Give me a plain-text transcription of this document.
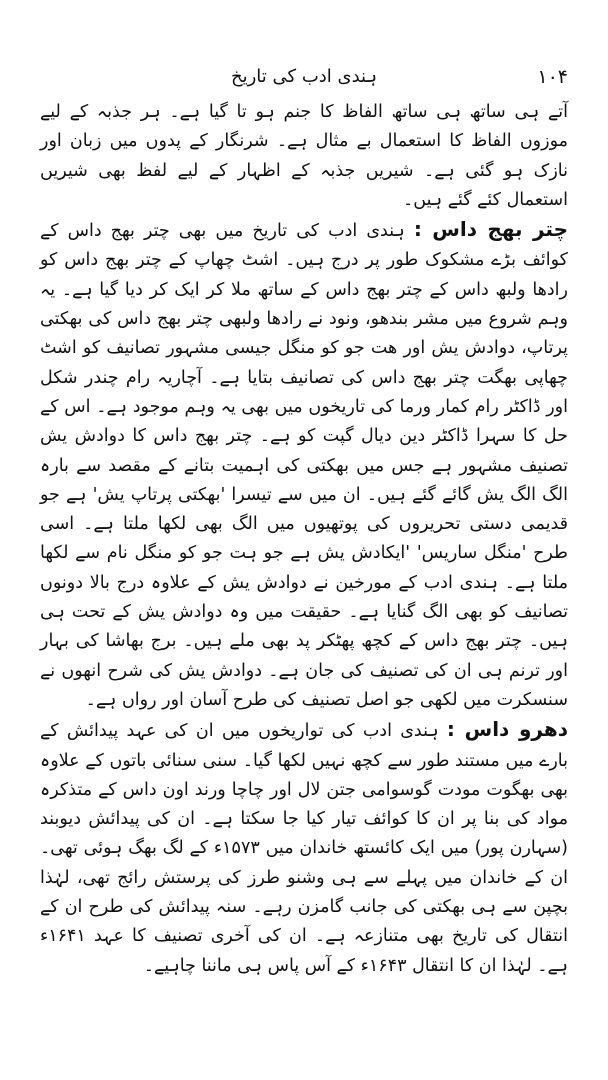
ہندی ادب کی تاریخ	۱۰۴

آتے ہی ساتھ ہی ساتھ الفاظ کا جنم ہو تا گیا ہے۔ ہر جذبہ کے لیے موزوں الفاظ کا استعمال بے مثال ہے۔ شرنگار کے پدوں میں زبان اور نازک ہو گئی ہے۔ شیریں جذبہ کے اظہار کے لیے لفظ بھی شیریں استعمال کئے گئے ہیں۔

چتر بھج داس : ہندی ادب کی تاریخ میں بھی چتر بھج داس کے کوائف بڑے مشکوک طور پر درج ہیں۔ اشٹ چھاپ کے چتر بھج داس کو رادھا ولبھ داس کے چتر بھج داس کے ساتھ ملا کر ایک کر دیا گیا ہے۔ یہ وہم شروع میں مشر بندھو، ونود نے رادھا ولبھی چتر بھج داس کی بھکتی پرتاپ، دوادش یش اور ھت جو کو منگل جیسی مشہور تصانیف کو اشٹ چھاپی بھگت چتر بھج داس کی تصانیف بتایا ہے۔ آچاریہ رام چندر شکل اور ڈاکٹر رام کمار ورما کی تاریخوں میں بھی یہ وہم موجود ہے۔ اس کے حل کا سہرا ڈاکٹر دین دیال گپت کو ہے۔ چتر بھج داس کا دوادش یش تصنیف مشہور ہے جس میں بھکتی کی اہمیت بتانے کے مقصد سے بارہ الگ الگ یش گائے گئے ہیں۔ ان میں سے تیسرا 'بھکتی پرتاپ یش' ہے جو قدیمی دستی تحریروں کی پوتھیوں میں الگ بھی لکھا ملتا ہے۔ اسی طرح 'منگل ساریس' 'ایکادش یش ہے جو ہت جو کو منگل نام سے لکھا ملتا ہے۔ ہندی ادب کے مورخین نے دوادش یش کے علاوہ درج بالا دونوں تصانیف کو بھی الگ گنایا ہے۔ حقیقت میں وہ دوادش یش کے تحت ہی ہیں۔ چتر بھج داس کے کچھ پھٹکر پد بھی ملے ہیں۔ برج بھاشا کی بہار اور ترنم ہی ان کی تصنیف کی جان ہے۔ دوادش یش کی شرح انھوں نے سنسکرت میں لکھی جو اصل تصنیف کی طرح آسان اور رواں ہے۔

دھرو داس : ہندی ادب کی تواریخوں میں ان کی عہد پیدائش کے بارے میں مستند طور سے کچھ نہیں لکھا گیا۔ سنی سنائی باتوں کے علاوہ بھی بھگوت مودت گوسوامی جتن لال اور چاچا ورند اون داس کے متذکرہ مواد کی بنا پر ان کا کوائف تیار کیا جا سکتا ہے۔ ان کی پیدائش دیوبند (سہارن پور) میں ایک کائستھ خاندان میں ۱۵۷۳ء کے لگ بھگ ہوئی تھی۔ ان کے خاندان میں پہلے سے ہی وشنو طرز کی پرستش رائج تھی، لہٰذا بچپن سے ہی بھکتی کی جانب گامزن رہے۔ سنہ پیدائش کی طرح ان کے انتقال کی تاریخ بھی متنازعہ ہے۔ ان کی آخری تصنیف کا عہد ۱۶۴۱ء ہے۔ لہٰذا ان کا انتقال ۱۶۴۳ء کے آس پاس ہی ماننا چاہیے۔
